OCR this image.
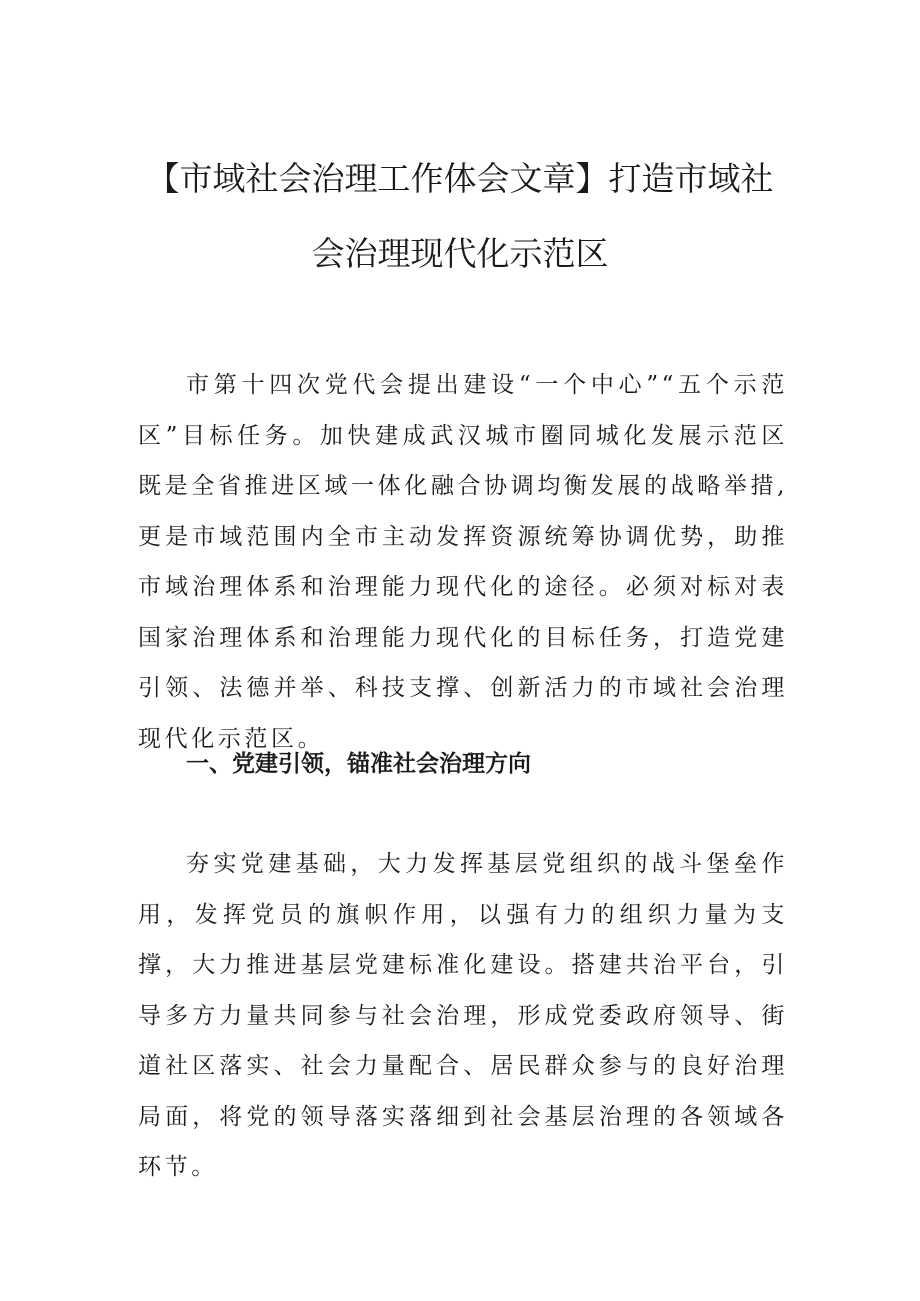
【市域社会治理工作体会文章】打造市域社
会治理现代化示范区

市第十四次党代会提出建设“一个中心”“五个示范区”目标任务。加快建成武汉城市圈同城化发展示范区既是全省推进区域一体化融合协调均衡发展的战略举措,更是市域范围内全市主动发挥资源统筹协调优势，助推市域治理体系和治理能力现代化的途径。必须对标对表国家治理体系和治理能力现代化的目标任务，打造党建引领、法德并举、科技支撑、创新活力的市域社会治理现代化示范区。

一、党建引领，锚准社会治理方向

夯实党建基础，大力发挥基层党组织的战斗堡垒作用，发挥党员的旗帜作用，以强有力的组织力量为支撑，大力推进基层党建标准化建设。搭建共治平台，引导多方力量共同参与社会治理，形成党委政府领导、街道社区落实、社会力量配合、居民群众参与的良好治理局面，将党的领导落实落细到社会基层治理的各领域各环节。
